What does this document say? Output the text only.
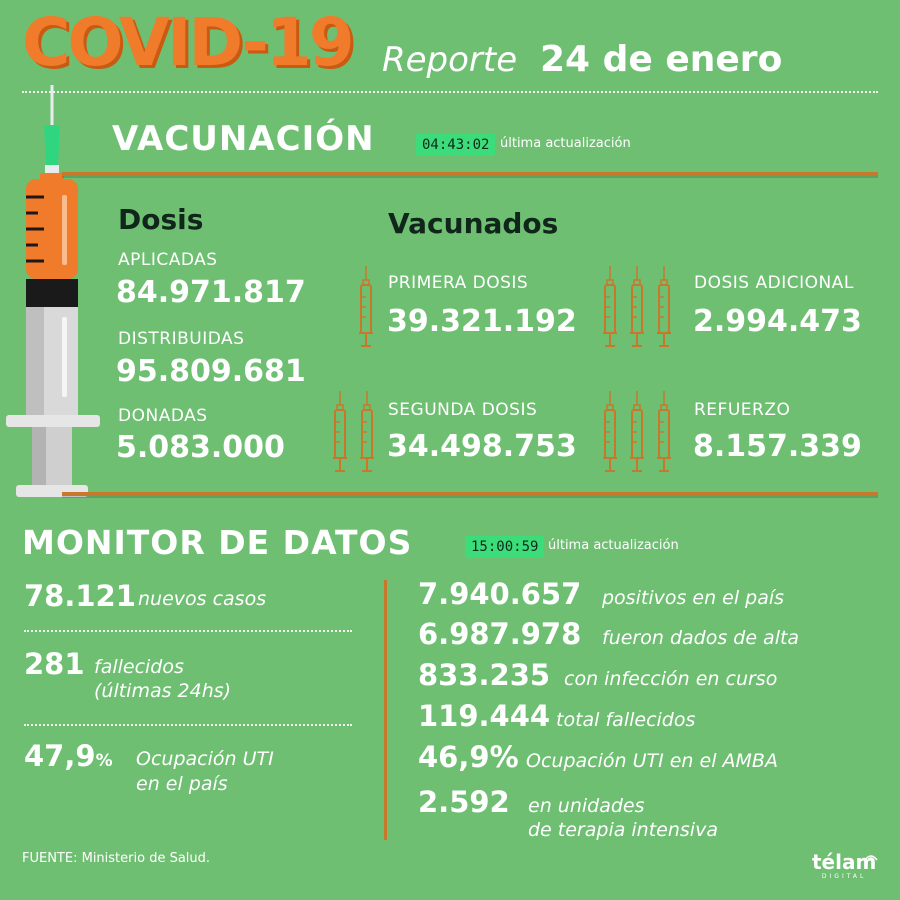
COVID-19 Reporte 24 de enero
VACUNACIÓN	04:43:02 última actualización
Dosis
APLICADAS
84.971.817
DISTRIBUIDAS
95.809.681
DONADAS
5.083.000
Vacunados
PRIMERA DOSIS
39.321.192
DOSIS ADICIONAL
2.994.473
SEGUNDA DOSIS
34.498.753
REFUERZO
8.157.339
MONITOR DE DATOS	15:00:59 última actualización
78.121 nuevos casos
281 fallecidos
(últimas 24hs)
47,9% Ocupación UTI
en el país
7.940.657 positivos en el país
6.987.978 fueron dados de alta
833.235 con infección en curso
119.444 total fallecidos
46,9% Ocupación UTI en el AMBA
2.592 en unidades
de terapia intensiva
FUENTE: Ministerio de Salud.	télam
DIGITAL
